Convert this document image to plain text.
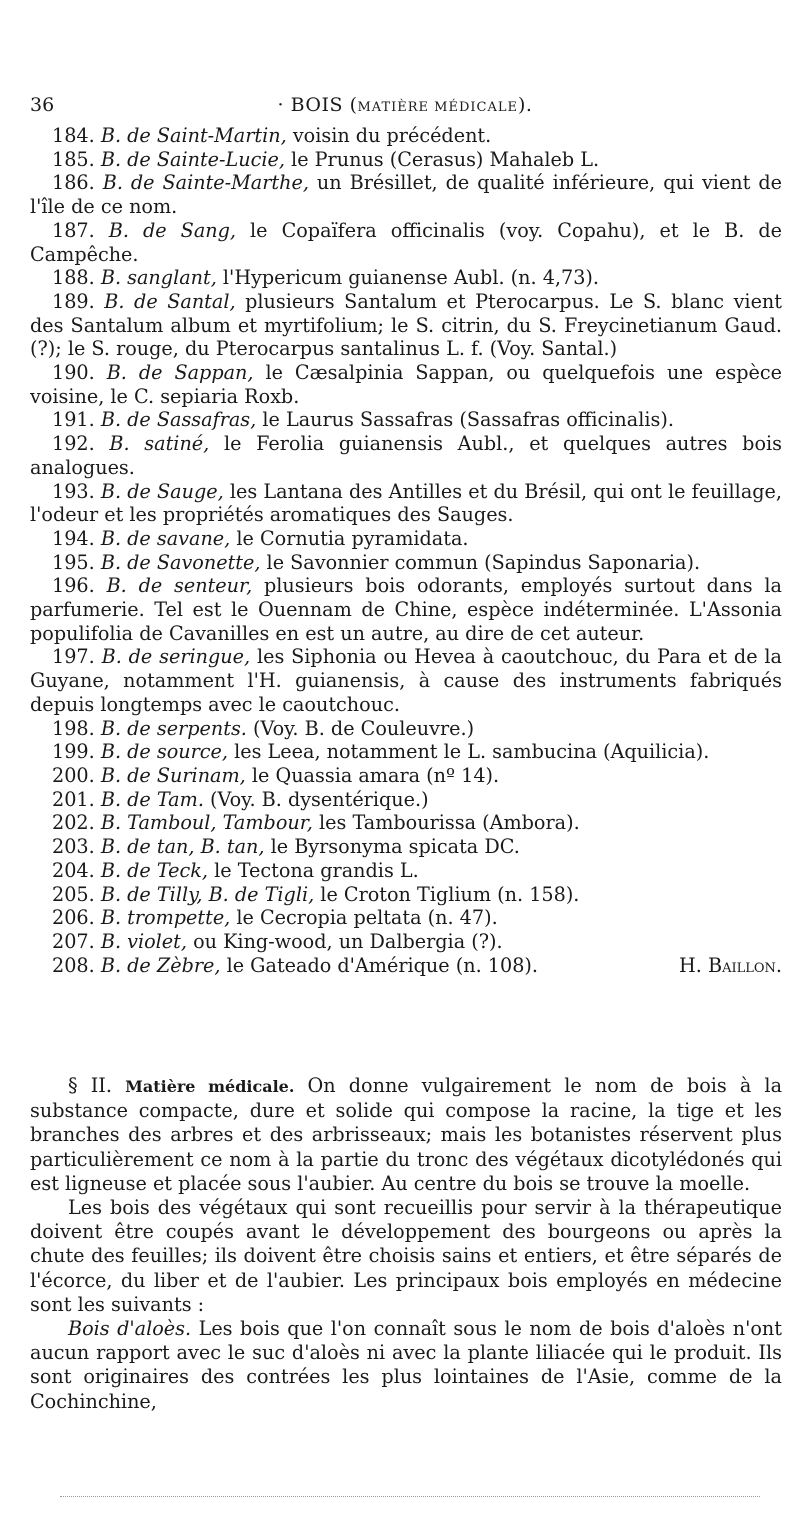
36	· BOIS (MATIÈRE MÉDICALE).

184. B. de Saint-Martin, voisin du précédent.

185. B. de Sainte-Lucie, le Prunus (Cerasus) Mahaleb L.

186. B. de Sainte-Marthe, un Brésillet, de qualité inférieure, qui vient de l'île de ce nom.

187. B. de Sang, le Copaïfera officinalis (voy. Copahu), et le B. de Campêche.

188. B. sanglant, l'Hypericum guianense Aubl. (n. 4,73).

189. B. de Santal, plusieurs Santalum et Pterocarpus. Le S. blanc vient des Santalum album et myrtifolium; le S. citrin, du S. Freycinetianum Gaud. (?); le S. rouge, du Pterocarpus santalinus L. f. (Voy. Santal.)

190. B. de Sappan, le Cæsalpinia Sappan, ou quelquefois une espèce voisine, le C. sepiaria Roxb.

191. B. de Sassafras, le Laurus Sassafras (Sassafras officinalis).

192. B. satiné, le Ferolia guianensis Aubl., et quelques autres bois analogues.

193. B. de Sauge, les Lantana des Antilles et du Brésil, qui ont le feuillage, l'odeur et les propriétés aromatiques des Sauges.

194. B. de savane, le Cornutia pyramidata.

195. B. de Savonette, le Savonnier commun (Sapindus Saponaria).

196. B. de senteur, plusieurs bois odorants, employés surtout dans la parfumerie. Tel est le Ouennam de Chine, espèce indéterminée. L'Assonia populifolia de Cavanilles en est un autre, au dire de cet auteur.

197. B. de seringue, les Siphonia ou Hevea à caoutchouc, du Para et de la Guyane, notamment l'H. guianensis, à cause des instruments fabriqués depuis longtemps avec le caoutchouc.

198. B. de serpents. (Voy. B. de Couleuvre.)

199. B. de source, les Leea, notamment le L. sambucina (Aquilicia).

200. B. de Surinam, le Quassia amara (nº 14).

201. B. de Tam. (Voy. B. dysentérique.)

202. B. Tamboul, Tambour, les Tambourissa (Ambora).

203. B. de tan, B. tan, le Byrsonyma spicata DC.

204. B. de Teck, le Tectona grandis L.

205. B. de Tilly, B. de Tigli, le Croton Tiglium (n. 158).

206. B. trompette, le Cecropia peltata (n. 47).

207. B. violet, ou King-wood, un Dalbergia (?).

208. B. de Zèbre, le Gateado d'Amérique (n. 108).	H. Baillon.

§ II. Matière médicale. On donne vulgairement le nom de bois à la substance compacte, dure et solide qui compose la racine, la tige et les branches des arbres et des arbrisseaux; mais les botanistes réservent plus particulièrement ce nom à la partie du tronc des végétaux dicotylédonés qui est ligneuse et placée sous l'aubier. Au centre du bois se trouve la moelle.

Les bois des végétaux qui sont recueillis pour servir à la thérapeutique doivent être coupés avant le développement des bourgeons ou après la chute des feuilles; ils doivent être choisis sains et entiers, et être séparés de l'écorce, du liber et de l'aubier. Les principaux bois employés en médecine sont les suivants :

Bois d'aloès. Les bois que l'on connaît sous le nom de bois d'aloès n'ont aucun rapport avec le suc d'aloès ni avec la plante liliacée qui le produit. Ils sont originaires des contrées les plus lointaines de l'Asie, comme de la Cochinchine,
